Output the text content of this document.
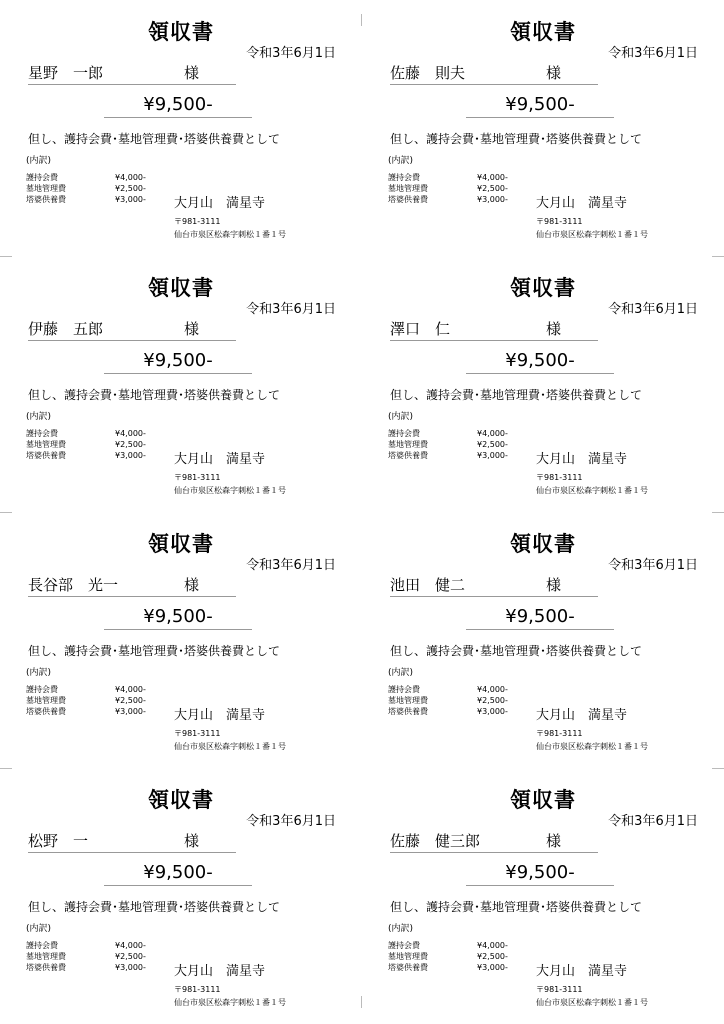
領収書
令和3年6月1日
星野　一郎	様
¥9,500-
但し、護持会費･墓地管理費･塔婆供養費として
(内訳)
護持会費	¥4,000-
墓地管理費	¥2,500-
塔婆供養費	¥3,000-	大月山　満星寺
〒981-3111
仙台市泉区松森字刺松１番１号
領収書
令和3年6月1日
佐藤　則夫	様
¥9,500-
但し、護持会費･墓地管理費･塔婆供養費として
(内訳)
護持会費	¥4,000-
墓地管理費	¥2,500-
塔婆供養費	¥3,000-	大月山　満星寺
〒981-3111
仙台市泉区松森字刺松１番１号
領収書
令和3年6月1日
伊藤　五郎	様
¥9,500-
但し、護持会費･墓地管理費･塔婆供養費として
(内訳)
護持会費	¥4,000-
墓地管理費	¥2,500-
塔婆供養費	¥3,000-	大月山　満星寺
〒981-3111
仙台市泉区松森字刺松１番１号
領収書
令和3年6月1日
澤口　仁	様
¥9,500-
但し、護持会費･墓地管理費･塔婆供養費として
(内訳)
護持会費	¥4,000-
墓地管理費	¥2,500-
塔婆供養費	¥3,000-	大月山　満星寺
〒981-3111
仙台市泉区松森字刺松１番１号
領収書
令和3年6月1日
長谷部　光一	様
¥9,500-
但し、護持会費･墓地管理費･塔婆供養費として
(内訳)
護持会費	¥4,000-
墓地管理費	¥2,500-
塔婆供養費	¥3,000-	大月山　満星寺
〒981-3111
仙台市泉区松森字刺松１番１号
領収書
令和3年6月1日
池田　健二	様
¥9,500-
但し、護持会費･墓地管理費･塔婆供養費として
(内訳)
護持会費	¥4,000-
墓地管理費	¥2,500-
塔婆供養費	¥3,000-	大月山　満星寺
〒981-3111
仙台市泉区松森字刺松１番１号
領収書
令和3年6月1日
松野　一	様
¥9,500-
但し、護持会費･墓地管理費･塔婆供養費として
(内訳)
護持会費	¥4,000-
墓地管理費	¥2,500-
塔婆供養費	¥3,000-	大月山　満星寺
〒981-3111
仙台市泉区松森字刺松１番１号
領収書
令和3年6月1日
佐藤　健三郎	様
¥9,500-
但し、護持会費･墓地管理費･塔婆供養費として
(内訳)
護持会費	¥4,000-
墓地管理費	¥2,500-
塔婆供養費	¥3,000-	大月山　満星寺
〒981-3111
仙台市泉区松森字刺松１番１号
